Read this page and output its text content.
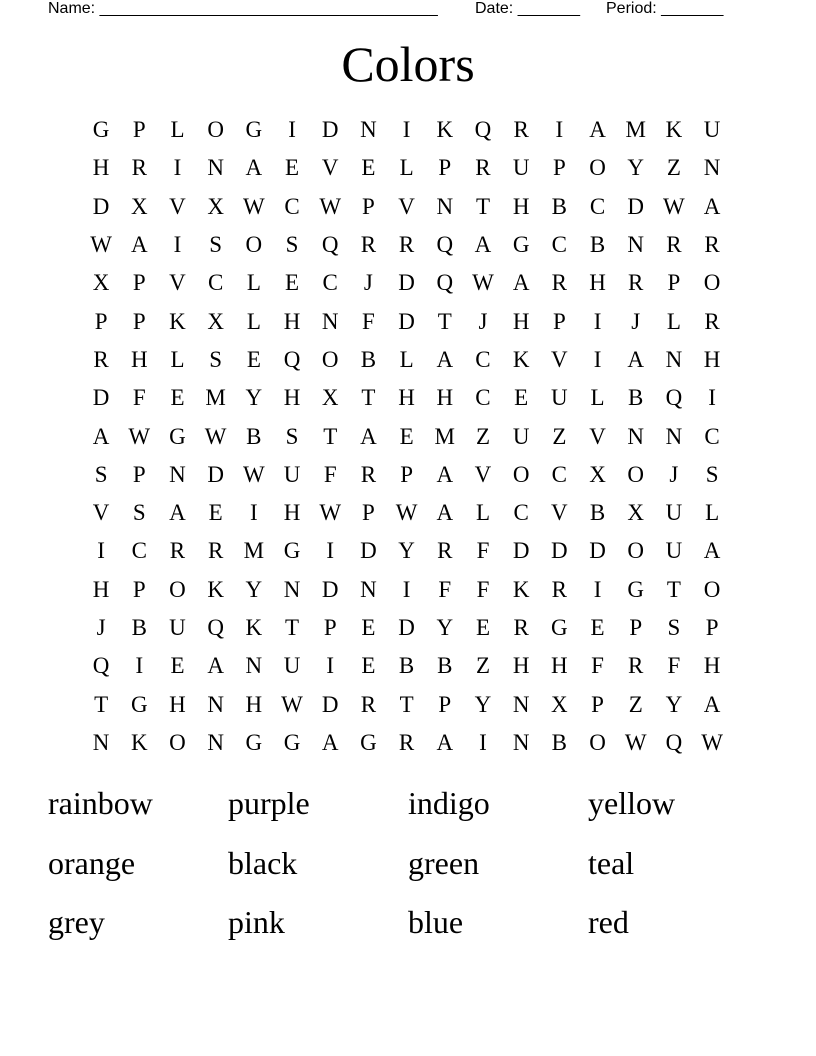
Name: ______________________________________ Date: _______ Period: _______
Colors
G	P	L O G	I	D N	I	K Q R	I	A M K U
H R	I	N A E V E	L	P	R U	P	O Y Z N
D X V X W C W P	V N T H B C D W A
W A	I	S	O	S	Q R R Q A G C B N R R
X	P	V C	L	E	C	J	D Q W A R H R	P	O
P	P	K X L H N	F	D T	J	H	P	I	J	L	R
R H L	S	E Q O B	L A C K V	I	A N H
D	F	E M Y H X T H H C	E U L	B Q	I
A W G W B	S	T A E M Z U Z V N N C
S	P	N D W U	F	R	P	A V O C X O	J	S
V	S	A E	I	H W P W A L	C V B X U L
I	C R R M G	I	D Y R	F	D D D O U A
H	P	O K Y N D N	I	F	F	K R	I	G T O
J	B U Q K T	P	E D Y E	R G E	P	S	P
Q	I	E A N U	I	E	B B	Z H H	F	R	F	H
T G H N H W D R	T	P	Y N X	P	Z Y A
N K O N G G A G R A	I	N B O W Q W
rainbow	purple	indigo	yellow
orange	black	green	teal
grey	pink	blue	red
